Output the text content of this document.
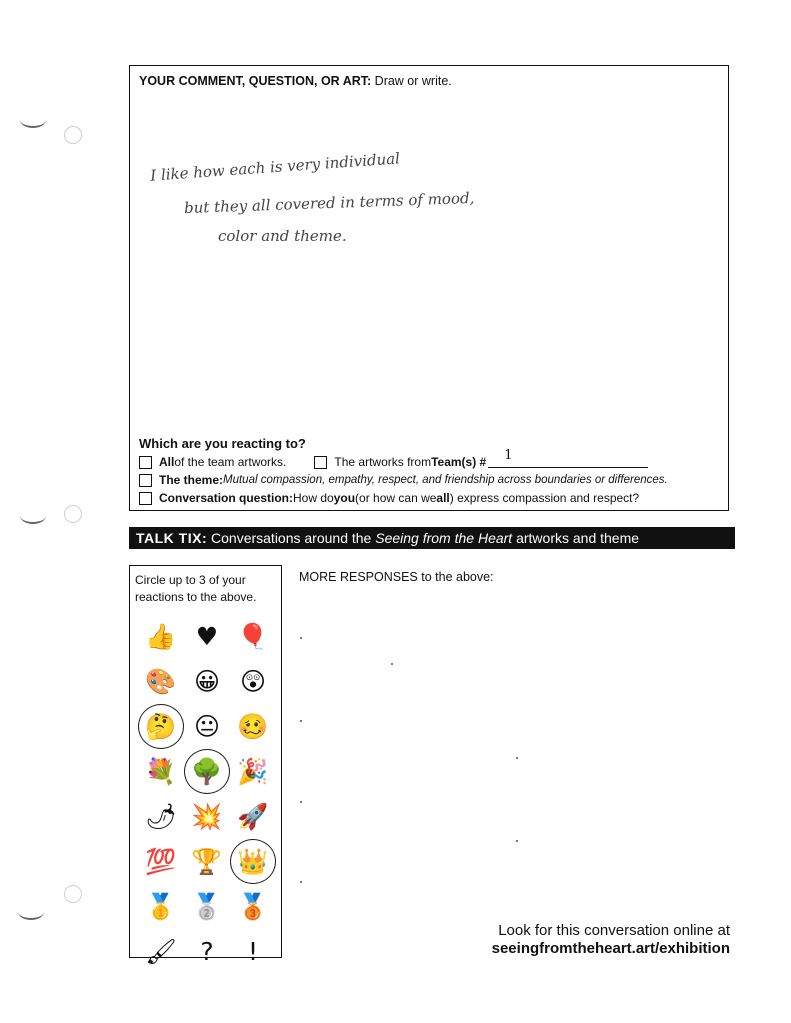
YOUR COMMENT, QUESTION, OR ART: Draw or write.
I like how each is very individual
but they all covered in terms of mood,
color and theme.
Which are you reacting to?
All of the team artworks.	The artworks from Team(s) # 1
The theme: Mutual compassion, empathy, respect, and friendship across boundaries or differences.
Conversation question: How do you (or how can we all ) express compassion and respect?
TALK TIX: Conversations around the Seeing from the Heart artworks and theme
Circle up to 3 of your reactions to the above.
👍 ♥ 🎈
🎨 😀 😲
🤔 😐 🥴
💐 🌳 🎉
🌶 💥 🚀
💯 🏆 👑
🥇 🥈 🥉
🖌 ?	!
MORE RESPONSES to the above:
Look for this conversation online at
seeingfromtheheart.art/exhibition
